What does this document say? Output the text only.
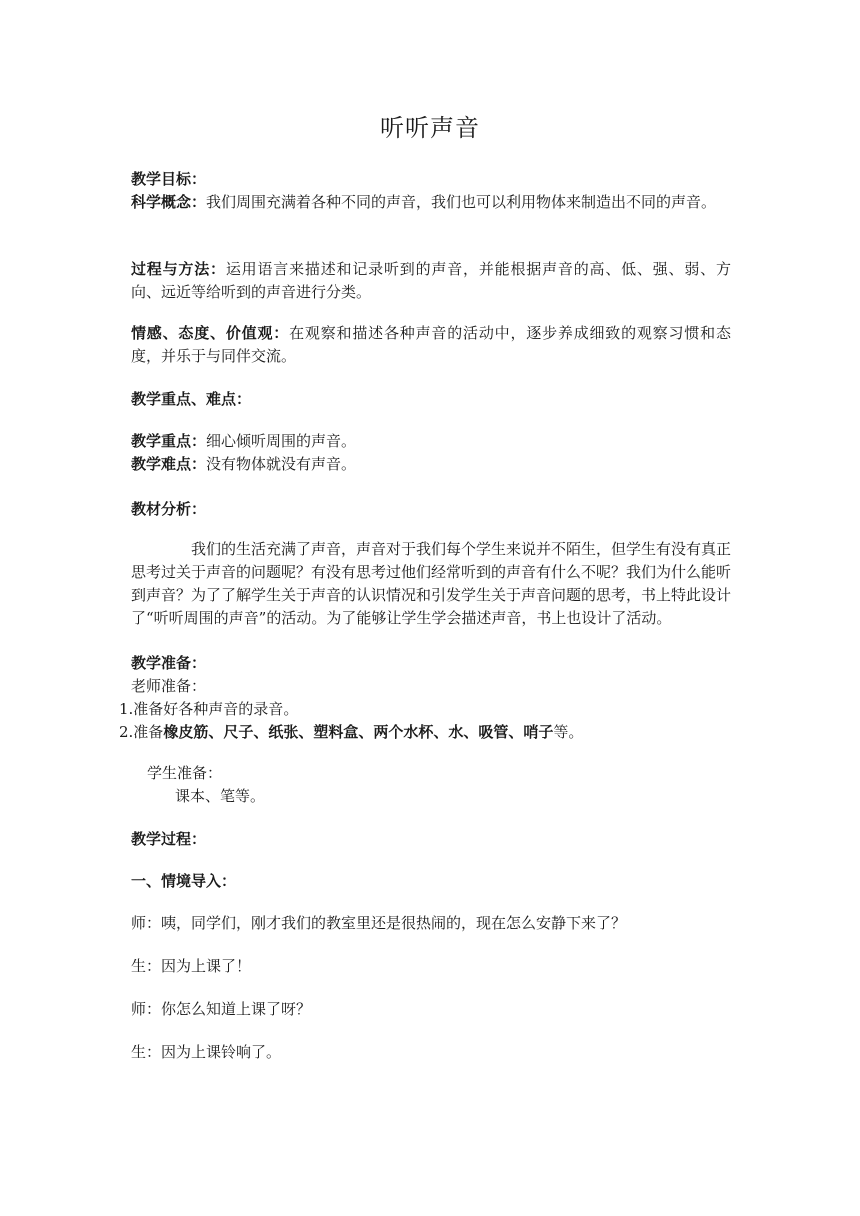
听听声音
教学目标：
科学概念：我们周围充满着各种不同的声音，我们也可以利用物体来制造出不同的声音。
过程与方法：运用语言来描述和记录听到的声音，并能根据声音的高、低、强、弱、方向、远近等给听到的声音进行分类。
情感、态度、价值观：在观察和描述各种声音的活动中，逐步养成细致的观察习惯和态度，并乐于与同伴交流。
教学重点、难点：
教学重点：细心倾听周围的声音。
教学难点：没有物体就没有声音。
教材分析：
我们的生活充满了声音，声音对于我们每个学生来说并不陌生，但学生有没有真正思考过关于声音的问题呢？有没有思考过他们经常听到的声音有什么不呢？我们为什么能听到声音？为了了解学生关于声音的认识情况和引发学生关于声音问题的思考，书上特此设计了“听听周围的声音”的活动。为了能够让学生学会描述声音，书上也设计了活动。
教学准备：
老师准备：
1.准备好各种声音的录音。
2.准备橡皮筋、尺子、纸张、塑料盒、两个水杯、水、吸管、哨子等。
学生准备：
课本、笔等。
教学过程：
一、情境导入：
师：咦，同学们，刚才我们的教室里还是很热闹的，现在怎么安静下来了？
生：因为上课了！
师：你怎么知道上课了呀？
生：因为上课铃响了。
